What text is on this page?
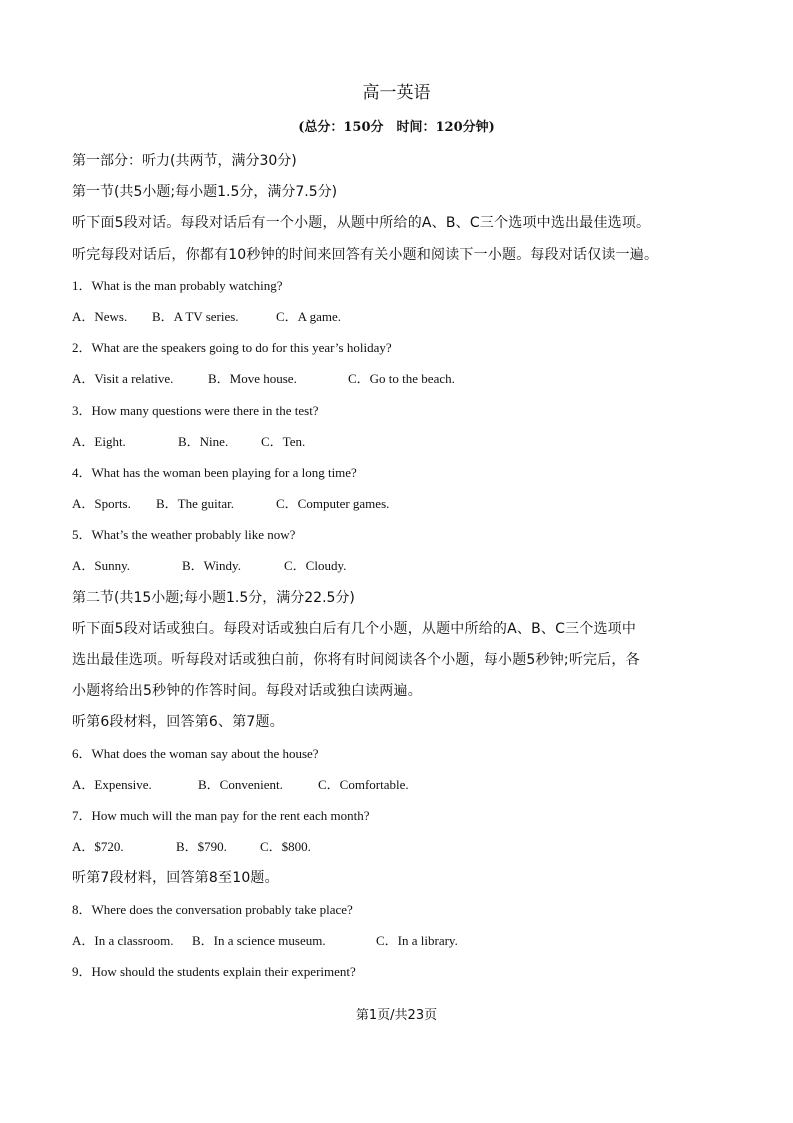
高一英语
(总分：150分　时间：120分钟)
第一部分：听力(共两节，满分30分)
第一节(共5小题;每小题1.5分，满分7.5分)
听下面5段对话。每段对话后有一个小题，从题中所给的A、B、C三个选项中选出最佳选项。
听完每段对话后，你都有10秒钟的时间来回答有关小题和阅读下一小题。每段对话仅读一遍。
1．What is the man probably watching?
A．News. B．A TV series.	C．A game.
2．What are the speakers going to do for this year’s holiday?
A．Visit a relative.	B．Move house.	C．Go to the beach.
3．How many questions were there in the test?
A．Eight.	B．Nine.	C．Ten.
4．What has the woman been playing for a long time?
A．Sports. B．The guitar.	C．Computer games.
5．What’s the weather probably like now?
A．Sunny.	B．Windy.	C．Cloudy.
第二节(共15小题;每小题1.5分，满分22.5分)
听下面5段对话或独白。每段对话或独白后有几个小题，从题中所给的A、B、C三个选项中
选出最佳选项。听每段对话或独白前，你将有时间阅读各个小题，每小题5秒钟;听完后，各
小题将给出5秒钟的作答时间。每段对话或独白读两遍。
听第6段材料，回答第6、第7题。
6．What does the woman say about the house?
A．Expensive.	B．Convenient.	C．Comfortable.
7．How much will the man pay for the rent each month?
A．$720.	B．$790.	C．$800.
听第7段材料，回答第8至10题。
8．Where does the conversation probably take place?
A．In a classroom. B．In a science museum.	C．In a library.
9．How should the students explain their experiment?
第1页/共23页
